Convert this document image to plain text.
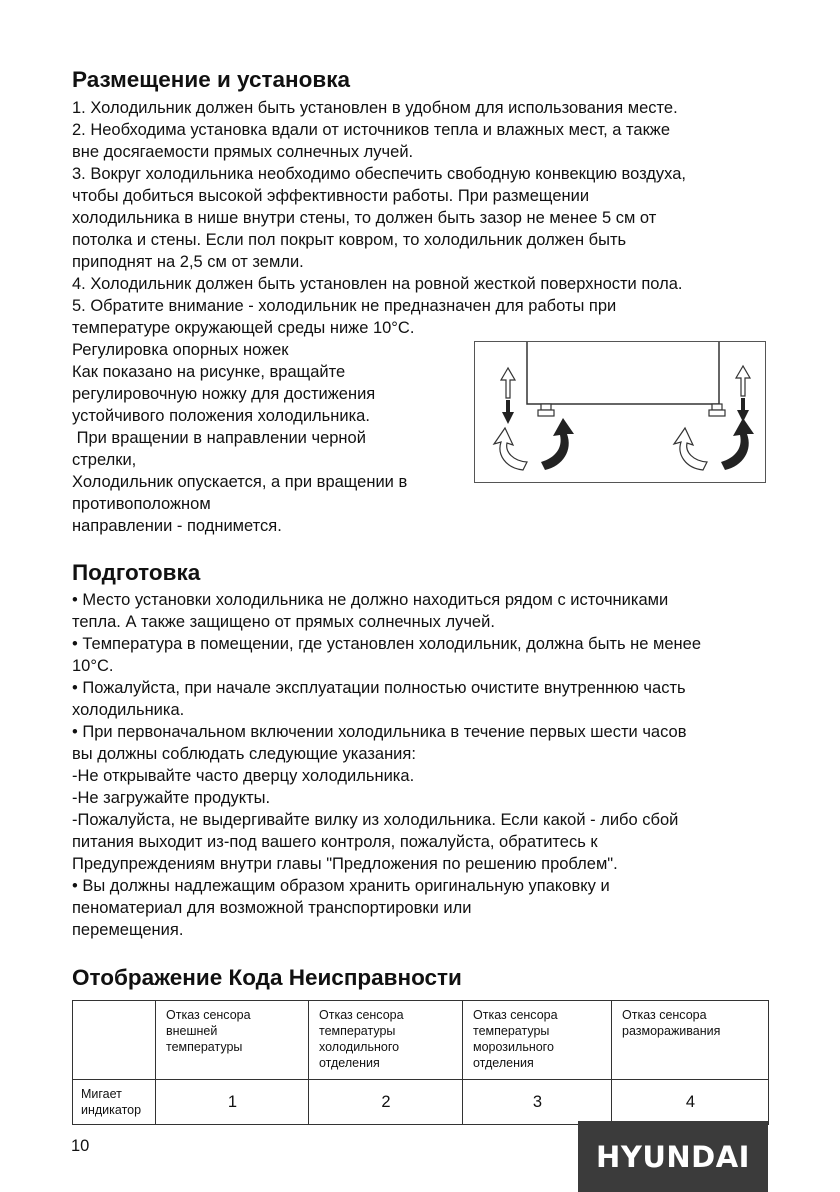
Размещение и установка

1. Холодильник должен быть установлен в удобном для использования месте.

2. Необходима установка вдали от источников тепла и влажных мест, а также

вне досягаемости прямых солнечных лучей.

3. Вокруг холодильника необходимо обеспечить свободную конвекцию воздуха,

чтобы добиться высокой эффективности работы. При размещении

холодильника в нише внутри стены, то должен быть зазор не менее 5 см от

потолка и стены. Если пол покрыт ковром, то холодильник должен быть

приподнят на 2,5 см от земли.

4. Холодильник должен быть установлен на ровной жесткой поверхности пола.

5. Обратите внимание - холодильник не предназначен для работы при

температуре окружающей среды ниже 10°С.

Регулировка опорных ножек

Как показано на рисунке, вращайте

регулировочную ножку для достижения

устойчивого положения холодильника.

При вращении в направлении черной

стрелки,

Холодильник опускается, а при вращении в

противоположном

направлении - поднимется.

Подготовка

• Место установки холодильника не должно находиться рядом с источниками

тепла. А также защищено от прямых солнечных лучей.

• Температура в помещении, где установлен холодильник, должна быть не менее

10°С.

• Пожалуйста, при начале эксплуатации полностью очистите внутреннюю часть

холодильника.

• При первоначальном включении холодильника в течение первых шести часов

вы должны соблюдать следующие указания:

-Не открывайте часто дверцу холодильника.

-Не загружайте продукты.

-Пожалуйста, не выдергивайте вилку из холодильника. Если какой - либо сбой

питания выходит из-под вашего контроля, пожалуйста, обратитесь к

Предупреждениям внутри главы "Предложения по решению проблем".

• Вы должны надлежащим образом хранить оригинальную упаковку и

пеноматериал для возможной транспортировки или

перемещения.

Отображение Кода Неисправности
	Отказ сенсора
внешней
температуры	Отказ сенсора
температуры
холодильного
отделения	Отказ сенсора
температуры
морозильного
отделения	Отказ сенсора
размораживания
Мигает
индикатор	1	2	3	4
10	HYUNDAI
